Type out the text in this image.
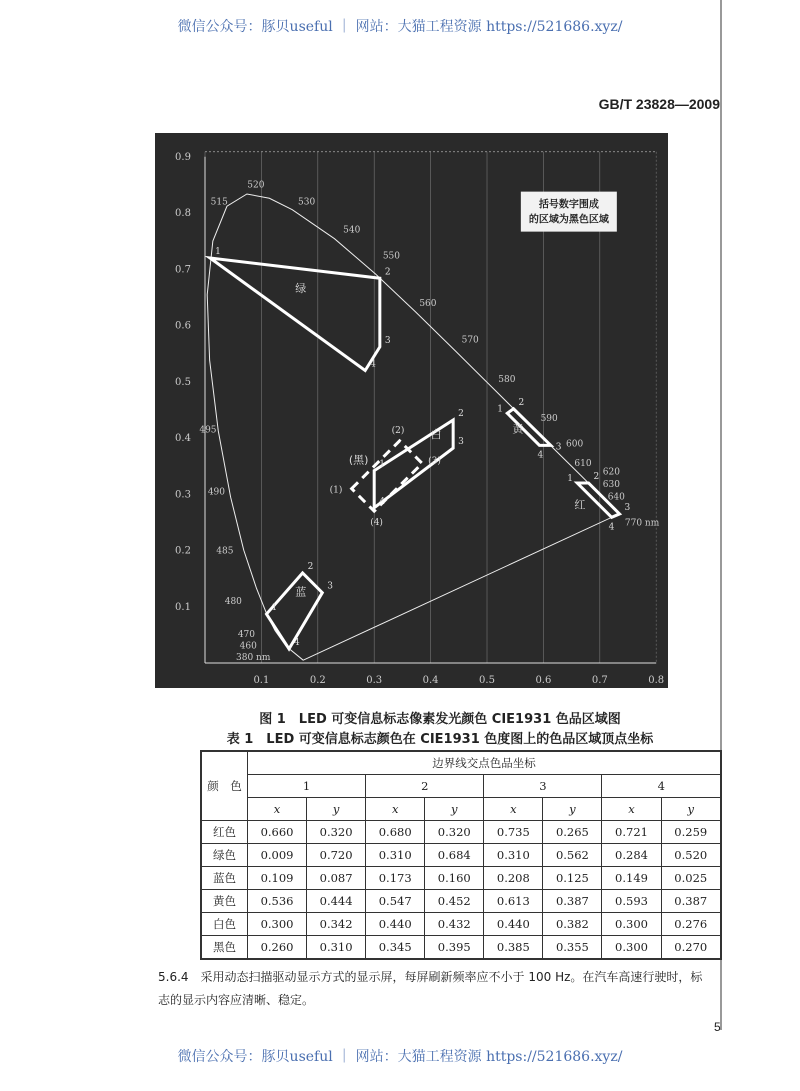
微信公众号：豚贝useful ｜ 网站：大猫工程资源 https://521686.xyz/
GB/T 23828—2009
0.1	0.2	0.3	0.4	0.5	0.6	0.7	0.8
0.1
0.2
0.3
0.4
0.5
0.6
0.7
0.8
0.9
520
515	530
540
550
560
570
580
590
600
610
620
630
640
770 nm
495
490
485
480
470
460
380 nm
1 2
3
4
红
1
2
3
4
绿
1
2
3
4
蓝
1
2
3
4
黄
1
2
3
4
白
(1)
(2)
(3)
(4)
(黑)
括号数字围成
的区域为黑色区域
图 1　LED 可变信息标志像素发光颜色 CIE1931 色品区域图
表 1　LED 可变信息标志颜色在 CIE1931 色度图上的色品区域顶点坐标
颜　色	边界线交点色品坐标							
	1		2		3		4	
	x	y	x	y	x	y	x	y
红色	0.660	0.320	0.680	0.320	0.735	0.265	0.721	0.259
绿色	0.009	0.720	0.310	0.684	0.310	0.562	0.284	0.520
蓝色	0.109	0.087	0.173	0.160	0.208	0.125	0.149	0.025
黄色	0.536	0.444	0.547	0.452	0.613	0.387	0.593	0.387
白色	0.300	0.342	0.440	0.432	0.440	0.382	0.300	0.276
黑色	0.260	0.310	0.345	0.395	0.385	0.355	0.300	0.270
5.6.4　采用动态扫描驱动显示方式的显示屏，每屏刷新频率应不小于 100 Hz。在汽车高速行驶时，标
志的显示内容应清晰、稳定。
5
微信公众号：豚贝useful ｜ 网站：大猫工程资源 https://521686.xyz/
